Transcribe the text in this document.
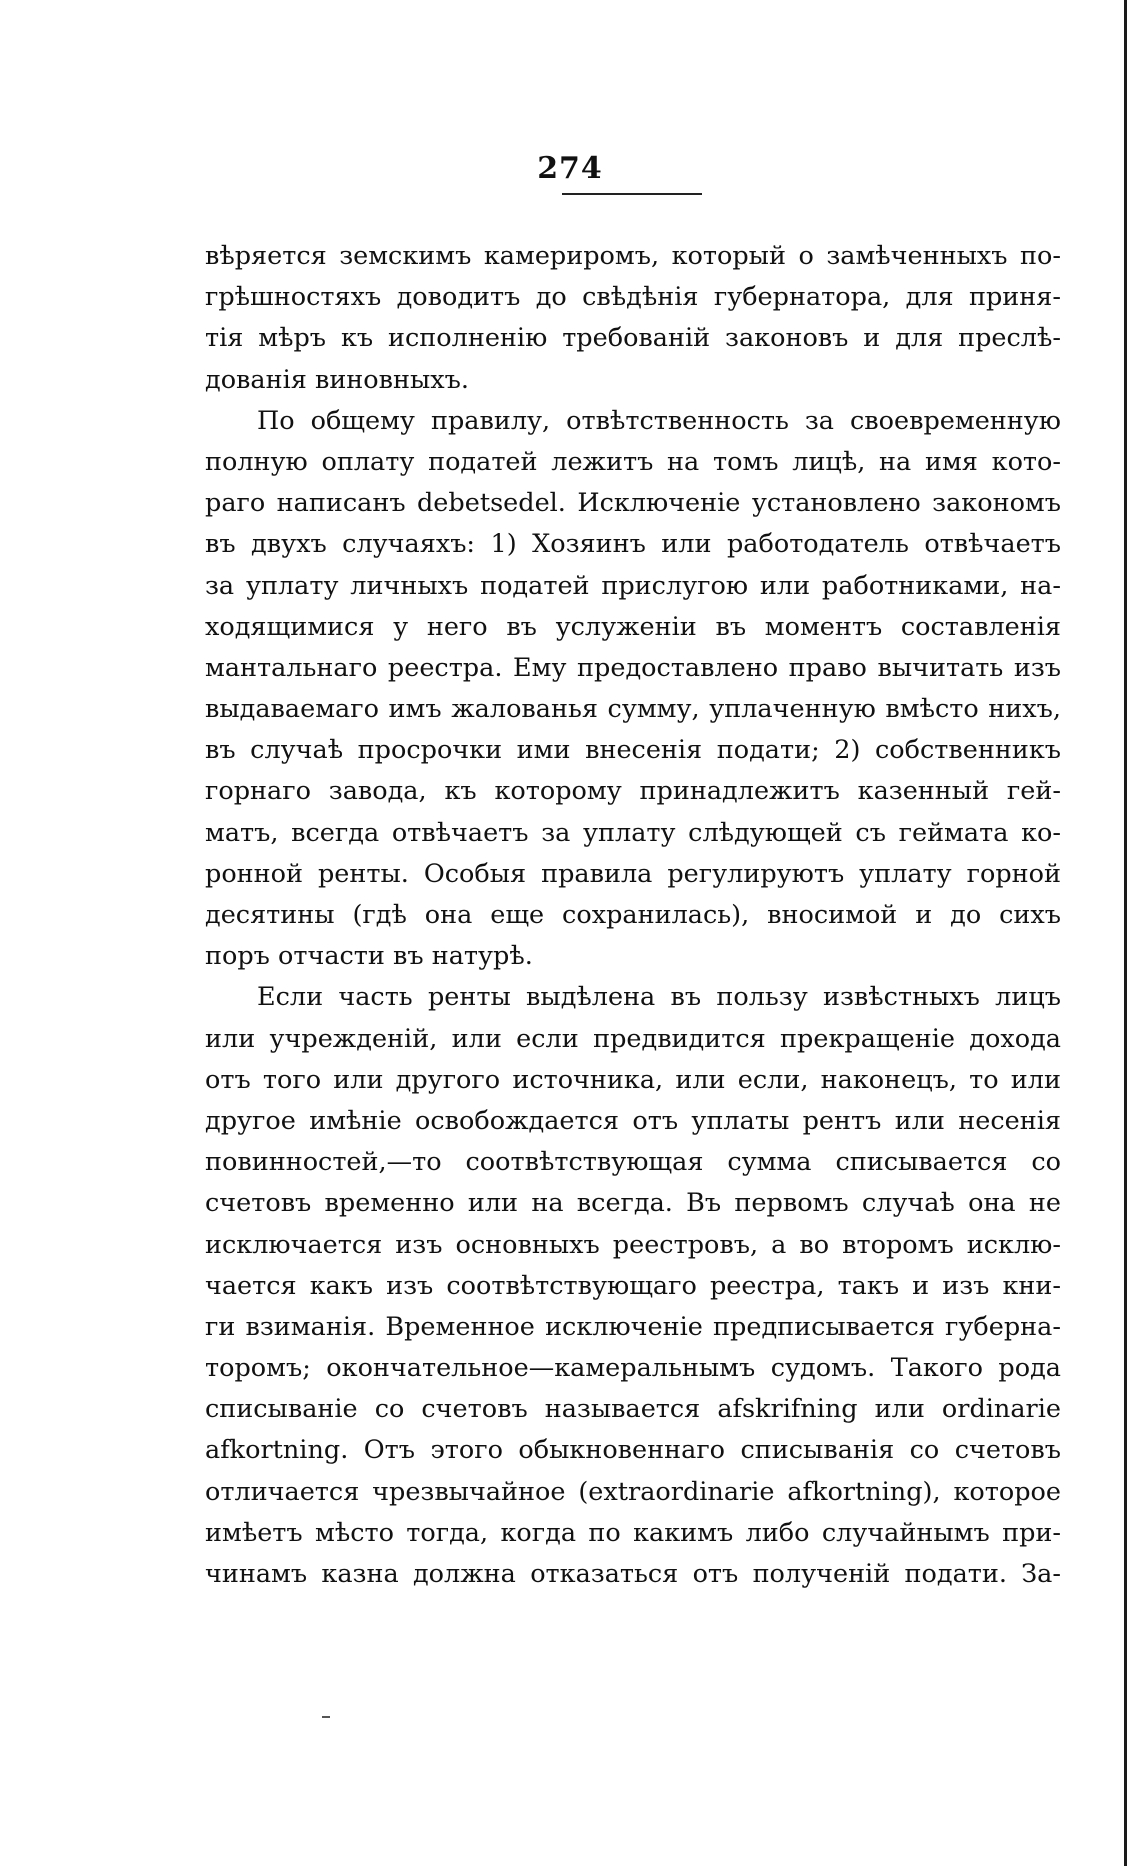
274
вѣряется земскимъ камериромъ, который о замѣченныхъ по-
грѣшностяхъ доводитъ до свѣдѣнія губернатора, для приня-
тія мѣръ къ исполненію требованій законовъ и для преслѣ-
дованія виновныхъ.
По общему правилу, отвѣтственность за своевременную
полную оплату податей лежитъ на томъ лицѣ, на имя кото-
раго написанъ debetsedel. Исключеніе установлено закономъ
въ двухъ случаяхъ: 1) Хозяинъ или работодатель отвѣчаетъ
за уплату личныхъ податей прислугою или работниками, на-
ходящимися у него въ услуженіи въ моментъ составленія
мантальнаго реестра. Ему предоставлено право вычитать изъ
выдаваемаго имъ жалованья сумму, уплаченную вмѣсто нихъ,
въ случаѣ просрочки ими внесенія подати; 2) собственникъ
горнаго завода, къ которому принадлежитъ казенный гей-
матъ, всегда отвѣчаетъ за уплату слѣдующей съ геймата ко-
ронной ренты. Особыя правила регулируютъ уплату горной
десятины (гдѣ она еще сохранилась), вносимой и до сихъ
поръ отчасти въ натурѣ.
Если часть ренты выдѣлена въ пользу извѣстныхъ лицъ
или учрежденій, или если предвидится прекращеніе дохода
отъ того или другого источника, или если, наконецъ, то или
другое имѣніе освобождается отъ уплаты рентъ или несенія
повинностей,—то соотвѣтствующая сумма списывается со
счетовъ временно или на всегда. Въ первомъ случаѣ она не
исключается изъ основныхъ реестровъ, а во второмъ исклю-
чается какъ изъ соотвѣтствующаго реестра, такъ и изъ кни-
ги взиманія. Временное исключеніе предписывается губерна-
торомъ; окончательное—камеральнымъ судомъ. Такого рода
списываніе со счетовъ называется afskrifning или ordinarie
afkortning. Отъ этого обыкновеннаго списыванія со счетовъ
отличается чрезвычайное (extraordinarie afkortning), которое
имѣетъ мѣсто тогда, когда по какимъ либо случайнымъ при-
чинамъ казна должна отказаться отъ полученій подати. За-
